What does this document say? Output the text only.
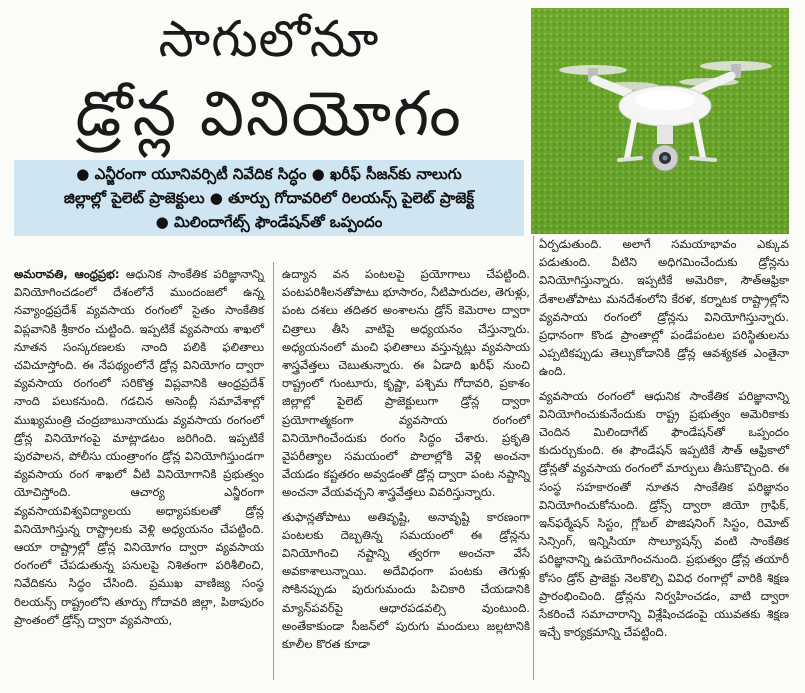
సాగులోనూ
డ్రోన్ల వినియోగం
● ఎన్జీరంగా యూనివర్సిటీ నివేదిక సిద్ధం ● ఖరీఫ్ సీజన్‌కు నాలుగు
జిల్లాల్లో పైలెట్ ప్రాజెక్టులు ● తూర్పు గోదావరిలో రిలయన్స్ పైలెట్ ప్రాజెక్ట్
● మిలిందాగేట్స్ ఫౌండేషన్‌తో ఒప్పందం

అమరావతి, ఆంధ్రప్రభ: ఆధునిక సాంకేతిక పరిజ్ఞానాన్ని వినియోగించడంలో దేశంలోనే ముందంజలో ఉన్న నవ్యాంధ్రప్రదేశ్ వ్యవసాయ రంగంలో సైతం సాంకేతిక విప్లవానికి శ్రీకారం చుట్టింది. ఇప్పటికే వ్యవసాయ శాఖలో నూతన సంస్కరణలకు నాంది పలికి ఫలితాలు చవిచూస్తోంది. ఈ నేపథ్యంలోనే డ్రోన్ల వినియోగం ద్వారా వ్యవసాయ రంగంలో సరికొత్త విప్లవానికి ఆంధ్రప్రదేశ్ నాంది పలుకనుంది. గడచిన అసెంబ్లీ సమావేశాల్లో ముఖ్యమంత్రి చంద్రబాబునాయుడు వ్యవసాయ రంగంలో డ్రోన్ల వినియోగంపై మాట్లాడటం జరిగింది. ఇప్పటికే పురపాలన, పోలీసు యంత్రాంగం డ్రోన్ల వినియోగిస్తుండగా వ్యవసాయ రంగ శాఖలో వీటి వినియోగానికి ప్రభుత్వం యోచిస్తోంది. ఆచార్య ఎన్జీరంగా వ్యవసాయవిశ్వవిద్యాలయ అధ్యాపకులతో డ్రోన్ల వినియోగిస్తున్న రాష్ట్రాలకు వెళ్లి అధ్యయనం చేపట్టింది. ఆయా రాష్ట్రాల్లో డ్రోన్ల వినియోగం ద్వారా వ్యవసాయ రంగంలో చేపడుతున్న పనులపై నిశితంగా పరిశీలించి, నివేదికను సిద్ధం చేసింది. ప్రముఖ వాణిజ్య సంస్థ రిలయన్స్ రాష్ట్రంలోని తూర్పు గోదావరి జిల్లా, పిఠాపురం ప్రాంతంలో డ్రోన్స్ ద్వారా వ్యవసాయ,

ఉద్యాన వన పంటలపై ప్రయోగాలు చేపట్టింది. పంటపరిశీలనతోపాటు భూసారం, నీటిపారుదల, తెగుళ్లు, పంట దశలు తదితర అంశాలను డ్రోన్ కెమెరాల ద్వారా చిత్రాలు తీసి వాటిపై అధ్యయనం చేస్తున్నారు. అధ్యయనంలో మంచి ఫలితాలు వస్తున్నట్లు వ్యవసాయ శాస్త్రవేత్తలు చెబుతున్నారు. ఈ ఏడాది ఖరీఫ్ నుంచి రాష్ట్రంలో గుంటూరు, కృష్ణా, పశ్చిమ గోదావరి, ప్రకాశం జిల్లాల్లో పైలెట్ ప్రాజెక్టులుగా డ్రోన్ల ద్వారా ప్రయోగాత్మకంగా వ్యవసాయ రంగంలో వినియోగించేందుకు రంగం సిద్ధం చేశారు. ప్రకృతి వైపరీత్యాల సమయంలో పొలాల్లోకి వెళ్లి అంచనా వేయడం కష్టతరం అవ్వడంతో డ్రోన్ల ద్వారా పంట నష్టాన్ని అంచనా వేయవచ్చని శాస్త్రవేత్తలు వివరిస్తున్నారు.

తుఫాన్లతోపాటు అతివృష్టి, అనావృష్టి కారణంగా పంటలకు దెబ్బతిన్న సమయంలో ఈ డ్రోన్లను వినియోగించి నష్టాన్ని త్వరగా అంచనా వేసే అవకాశాలున్నాయి. అదేవిధంగా పంటకు తెగుళ్లు సోకినప్పుడు పురుగుమందు పిచికారి చేయడానికి మ్యాన్‌పవర్‌పై ఆధారపడవల్సి వుంటుంది. అంతేకాకుండా సీజన్‌లో పురుగు మందులు జల్లటానికి కూలీల కొరత కూడా

ఏర్పడుతుంది. అలాగే సమయాభావం ఎక్కువ పడుతుంది. వీటిని అధిగమించేందుకు డ్రోన్లను వినియోగిస్తున్నారు. ఇప్పటికే అమెరికా, సౌత్‌ఆఫ్రికా దేశాలతోపాటు మనదేశంలోని కేరళ, కర్నాటక రాష్ట్రాల్లోని వ్యవసాయ రంగంలో డ్రోన్లను వినియోగిస్తున్నారు. ప్రధానంగా కొండ ప్రాంతాల్లో పండేపంటల పరిస్థితులను ఎప్పటికప్పుడు తెల్సుకోడానికి డ్రోన్ల ఆవశ్యకత ఎంతైనా ఉంది.

వ్యవసాయ రంగంలో ఆధునిక సాంకేతిక పరిజ్ఞానాన్ని వినియోగించుకునేందుకు రాష్ట్ర ప్రభుత్వం అమెరికాకు చెందిన మిలిందాగేట్ ఫౌండేషన్‌తో ఒప్పందం కుదుర్చుకుంది. ఈ ఫౌండేషన్ ఇప్పటికే సౌత్ ఆఫ్రికాలో డ్రోన్లతో వ్యవసాయ రంగంలో మార్పులు తీసుకొచ్చింది. ఈ సంస్థ సహకారంతో నూతన సాంకేతిక పరిజ్ఞానం వినియోగించుకోనుంది. డ్రోన్స్ ద్వారా జియో గ్రాఫిక్, ఇన్‌ఫర్మేషన్ సిస్టం, గ్లోబల్ పొజిషనింగ్ సిస్టం, రిమోట్ సెన్సింగ్, ఇన్నిసియా సొల్యూషన్స్ వంటి సాంకేతిక పరిజ్ఞానాన్ని ఉపయోగించనుంది. ప్రభుత్వం డ్రోన్ల తయారీ కోసం డ్రోన్ ప్రాజెక్టు నెలకొల్పి వివిధ రంగాల్లో వారికి శిక్షణ ప్రారంభించింది. డ్రోన్లను నిర్వహించడం, వాటి ద్వారా సేకరించే సమాచారాన్ని విశ్లేషించడంపై యువతకు శిక్షణ ఇచ్చే కార్యక్రమాన్ని చేపట్టింది.
